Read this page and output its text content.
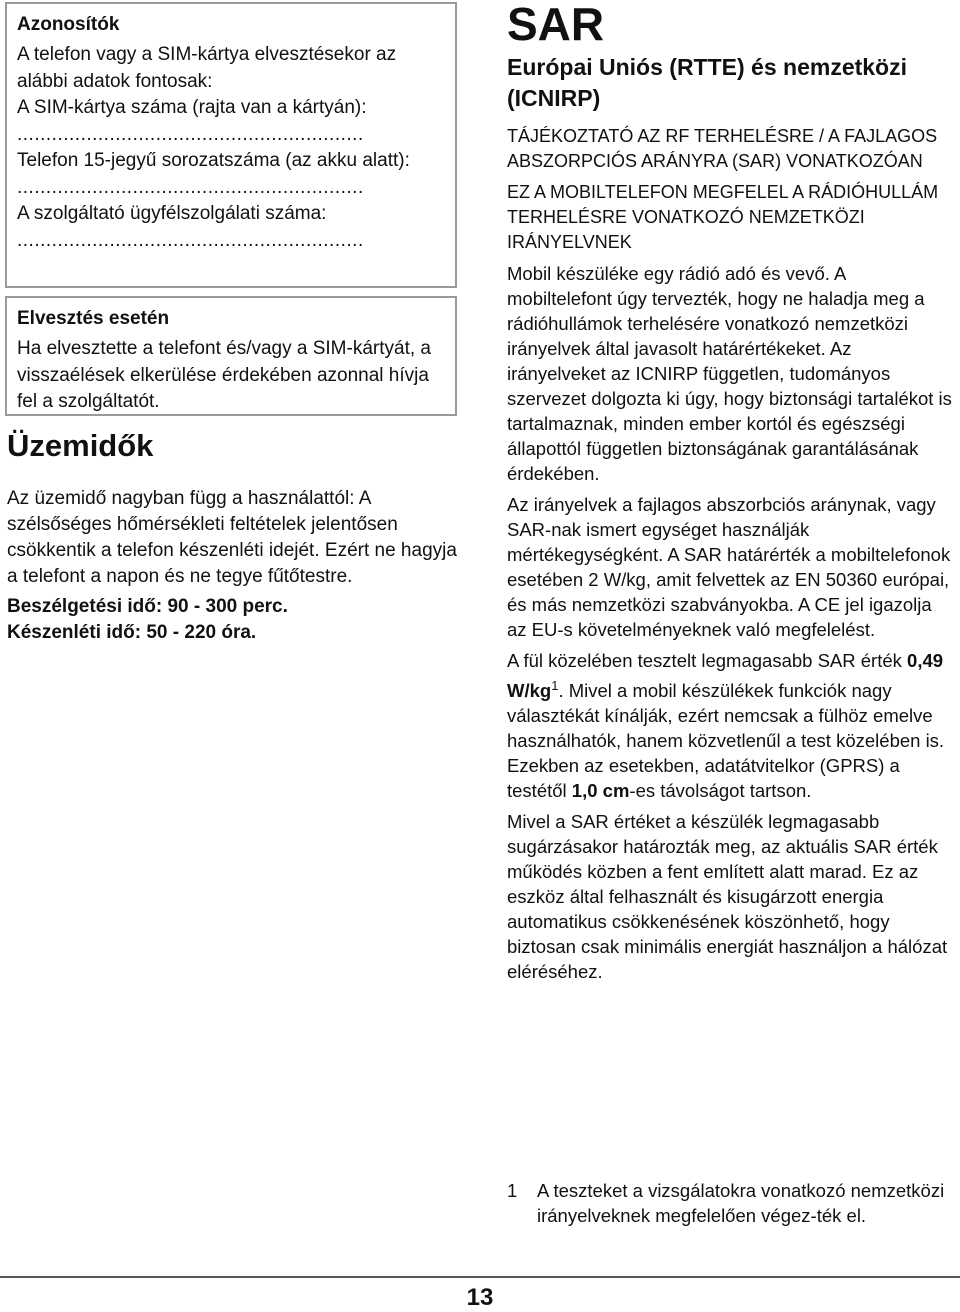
Azonosítók

A telefon vagy a SIM-kártya elvesztésekor az alábbi adatok fontosak:

A SIM-kártya száma (rajta van a kártyán):

............................................................

Telefon 15-jegyű sorozatszáma (az akku alatt):

............................................................

A szolgáltató ügyfélszolgálati száma:

............................................................

Elvesztés esetén

Ha elvesztette a telefont és/vagy a SIM-kártyát, a visszaélések elkerülése érdekében azonnal hívja fel a szolgáltatót.

Üzemidők

Az üzemidő nagyban függ a használattól: A szélsőséges hőmérsékleti feltételek jelentősen csökkentik a telefon készenléti idejét. Ezért ne hagyja a telefont a napon és ne tegye fűtőtestre.

Beszélgetési idő: 90 - 300 perc.

Készenléti idő: 50 - 220 óra.

SAR
Európai Uniós (RTTE) és nemzetközi (ICNIRP)

TÁJÉKOZTATÓ AZ RF TERHELÉSRE / A FAJLAGOS ABSZORPCIÓS ARÁNYRA (SAR) VONATKOZÓAN

EZ A MOBILTELEFON MEGFELEL A RÁDIÓHULLÁM TERHELÉSRE VONATKOZÓ NEMZETKÖZI IRÁNYELVNEK

Mobil készüléke egy rádió adó és vevő. A mobiltelefont úgy tervezték, hogy ne haladja meg a rádióhullámok terhelésére vonatkozó nemzetközi irányelvek által javasolt határértékeket. Az irányelveket az ICNIRP független, tudományos szervezet dolgozta ki úgy, hogy biztonsági tartalékot is tartalmaznak, minden ember kortól és egészségi állapottól független biztonságának garantálásának érdekében.

Az irányelvek a fajlagos abszorbciós aránynak, vagy SAR-nak ismert egységet használják mértékegységként. A SAR határérték a mobiltelefonok esetében 2 W/kg, amit felvettek az EN 50360 európai, és más nemzetközi szabványokba. A CE jel igazolja az EU-s követelményeknek való megfelelést.

A fül közelében tesztelt legmagasabb SAR érték 0,49 W/kg$^1$. Mivel a mobil készülékek funkciók nagy választékát kínálják, ezért nemcsak a fülhöz emelve használhatók, hanem közvetlenűl a test közelében is. Ezekben az esetekben, adatátvitelkor (GPRS) a testétől 1,0 cm-es távolságot tartson.

Mivel a SAR értéket a készülék legmagasabb sugárzásakor határozták meg, az aktuális SAR érték működés közben a fent említett alatt marad. Ez az eszköz által felhasznált és kisugárzott energia automatikus csökkenésének köszönhető, hogy biztosan csak minimális energiát használjon a hálózat eléréséhez.

1 A teszteket a vizsgálatokra vonatkozó nemzetközi irányelveknek megfelelően végez-ték el.
13
